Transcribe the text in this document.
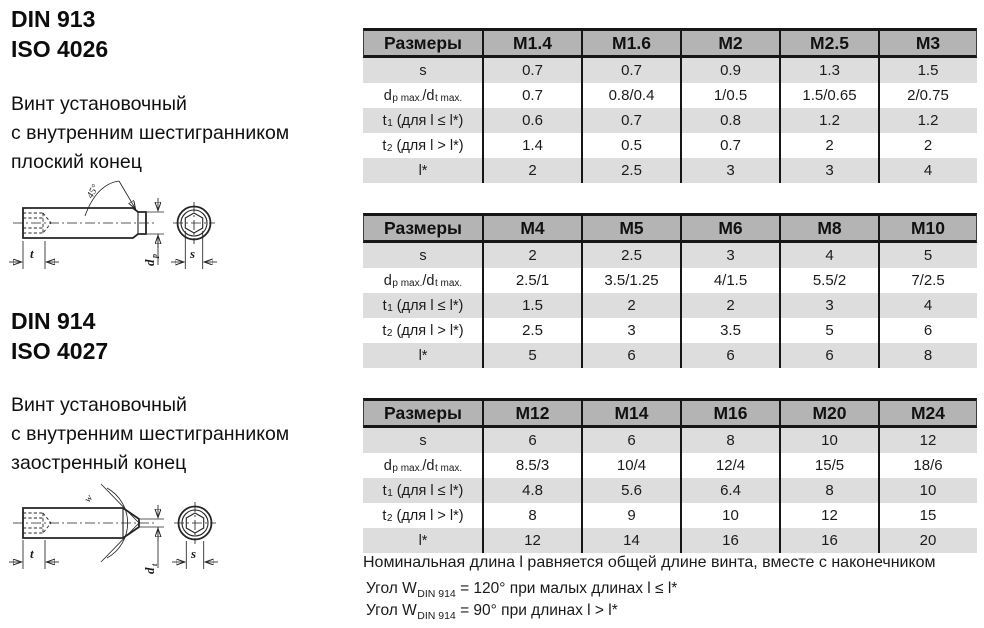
DIN 913
ISO 4026
Винт установочный
с внутренним шестигранником
плоский конец
45°
t
d
p s
DIN 914
ISO 4027
Винт установочный
с внутренним шестигранником
заостренный конец
w
t
d
t
s
Размеры	M1.4	M1.6	M2	M2.5	M3
s	0.7	0.7	0.9	1.3	1.5
d p max. /d t max.	0.7	0.8/0.4	1/0.5	1.5/0.65	2/0.75
t 1 (для l ≤ l*)	0.6	0.7	0.8	1.2	1.2
t 2 (для l > l*)	1.4	0.5	0.7	2	2
l*	2	2.5	3	3	4
Размеры	M4	M5	M6	M8	M10
s	2	2.5	3	4	5
d p max. /d t max.	2.5/1	3.5/1.25	4/1.5	5.5/2	7/2.5
t 1 (для l ≤ l*)	1.5	2	2	3	4
t 2 (для l > l*)	2.5	3	3.5	5	6
l*	5	6	6	6	8
Размеры	M12	M14	M16	M20	M24
s	6	6	8	10	12
d p max. /d t max.	8.5/3	10/4	12/4	15/5	18/6
t 1 (для l ≤ l*)	4.8	5.6	6.4	8	10
t 2 (для l > l*)	8	9	10	12	15
l*	12	14	16	16	20
Номинальная длина l равняется общей длине винта, вместе с наконечником
Угол $W_{DIN 914} = 120^\circ$ при малых длинах l ≤ l*
Угол $W_{DIN 914} = 90^\circ$ при длинах l > l*
